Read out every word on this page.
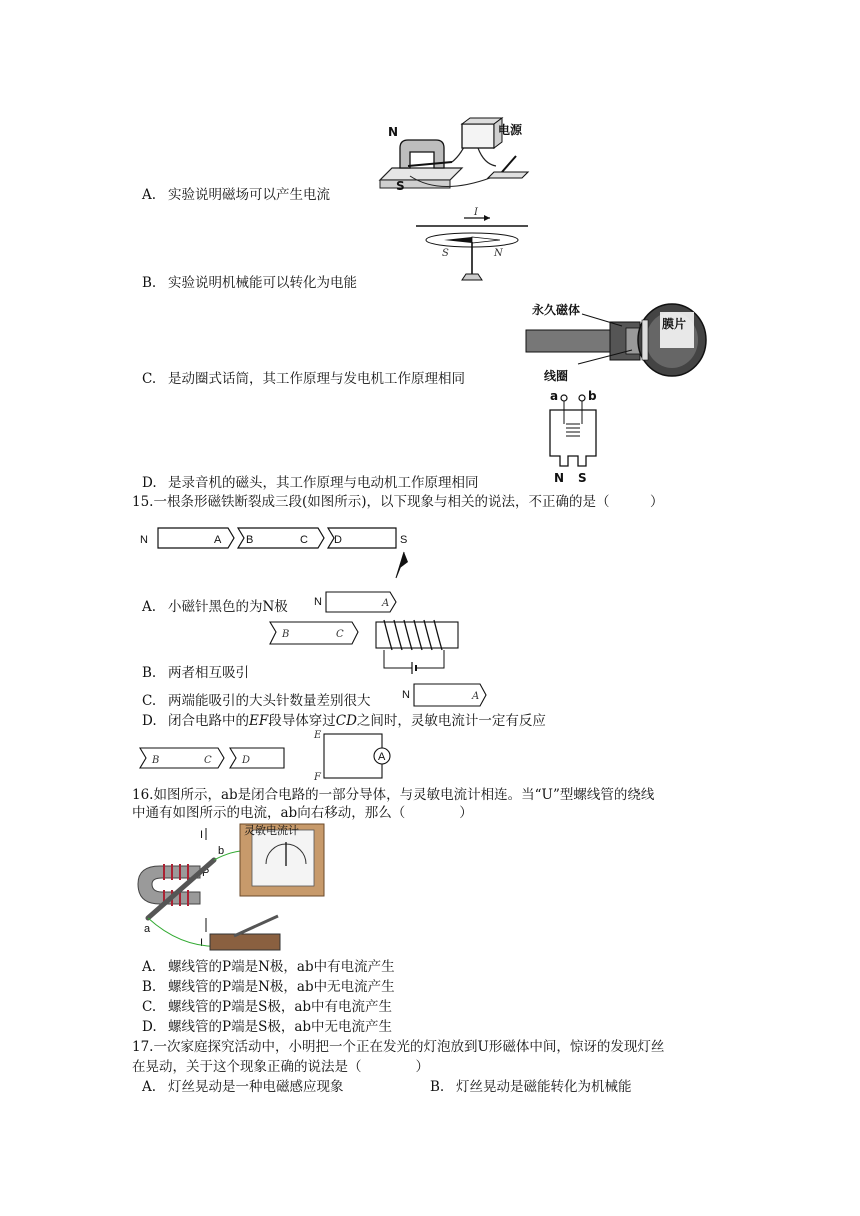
N
S
电源
A. 实验说明磁场可以产生电流
I
S	N
B. 实验说明机械能可以转化为电能
永久磁体
膜片
线圈
C. 是动圈式话筒，其工作原理与发电机工作原理相同
a b
N S
D. 是录音机的磁头，其工作原理与电动机工作原理相同
15.一根条形磁铁断裂成三段(如图所示)，以下现象与相关的说法，不正确的是（　　　）
N	A B	C D	S
N	A
A. 小磁针黑色的为N极
B	C
B. 两者相互吸引
C. 两端能吸引的大头针数量差别很大	N	A
D. 闭合电路中的EF段导体穿过CD之间时，灵敏电流计一定有反应
B	C	D
E
F
A
16.如图所示，ab是闭合电路的一部分导体，与灵敏电流计相连。当“U”型螺线管的绕线
中通有如图所示的电流，ab向右移动，那么（　　　　）
I
P
I
b
a
灵敏电流计
A. 螺线管的P端是N极，ab中有电流产生
B. 螺线管的P端是N极，ab中无电流产生
C. 螺线管的P端是S极，ab中有电流产生
D. 螺线管的P端是S极，ab中无电流产生
17.一次家庭探究活动中，小明把一个正在发光的灯泡放到U形磁体中间，惊讶的发现灯丝
在晃动，关于这个现象正确的说法是（　　　　）
A. 灯丝晃动是一种电磁感应现象	B. 灯丝晃动是磁能转化为机械能
